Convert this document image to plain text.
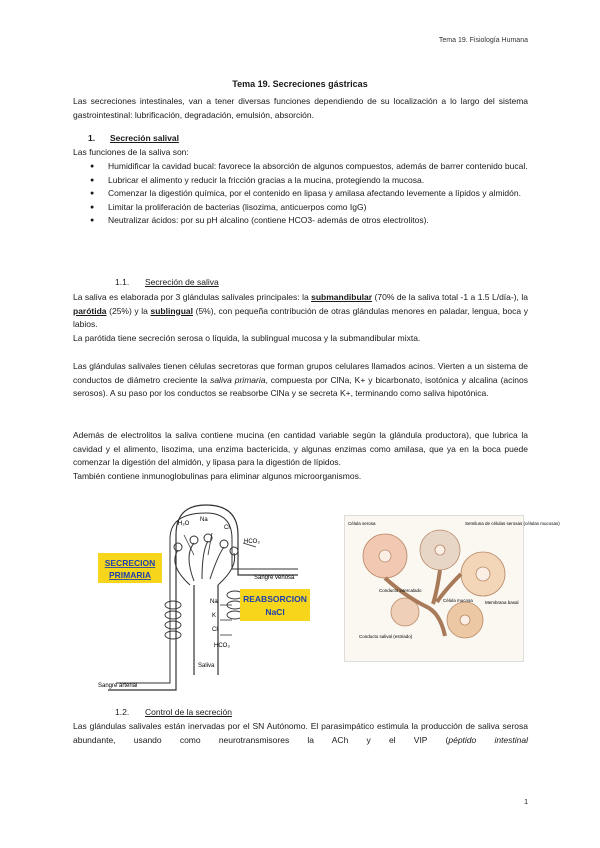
Tema 19. Fisiología Humana
Tema 19. Secreciones gástricas

Las secreciones intestinales, van a tener diversas funciones dependiendo de su localización a lo largo del sistema gastrointestinal: lubrificación, degradación, emulsión, absorción.

1. Secreción salival

Las funciones de la saliva son:

● Humidificar la cavidad bucal: favorece la absorción de algunos compuestos, además de barrer contenido bucal.
● Lubricar el alimento y reducir la fricción gracias a la mucina, protegiendo la mucosa.
● Comenzar la digestión química, por el contenido en lipasa y amilasa afectando levemente a lípidos y almidón.
● Limitar la proliferación de bacterias (lisozima, anticuerpos como IgG)
● Neutralizar ácidos: por su pH alcalino (contiene HCO3- además de otros electrolitos).
1.1. Secreción de saliva

La saliva es elaborada por 3 glándulas salivales principales: la submandibular (70% de la saliva total -1 a 1.5 L/día-), la parótida (25%) y la sublingual (5%), con pequeña contribución de otras glándulas menores en paladar, lengua, boca y labios.

La parótida tiene secreción serosa o líquida, la sublingual mucosa y la submandibular mixta.

Las glándulas salivales tienen células secretoras que forman grupos celulares llamados acinos. Vierten a un sistema de conductos de diámetro creciente la saliva primaria, compuesta por ClNa, K+ y bicarbonato, isotónica y alcalina (acinos serosos). A su paso por los conductos se reabsorbe ClNa y se secreta K+, terminando como saliva hipotónica.

Además de electrolitos la saliva contiene mucina (en cantidad variable según la glándula productora), que lubrica la cavidad y el alimento, lisozima, una enzima bactericida, y algunas enzimas como amilasa, que ya en la boca puede comenzar la digestión del almidón, y lipasa para la digestión de lípidos.

También contiene inmunoglobulinas para eliminar algunos microorganismos.

H₂O
Na
Cl
HCO₃
Na
K
Cl
HCO₃
Sangre venosa
Sangre arterial
Saliva
SECRECION
PRIMARIA
REABSORCION
NaCl
Célula serosa	Semiluna de células serosas (células mucosas)
Membrana basal
Conducto intercalado
Célula mucosa
Conducto salival (estriado)
1.2. Control de la secreción

Las glándulas salivales están inervadas por el SN Autónomo. El parasimpático estimula la producción de saliva serosa abundante, usando como neurotransmisores la ACh y el VIP (péptido intestinal

1
